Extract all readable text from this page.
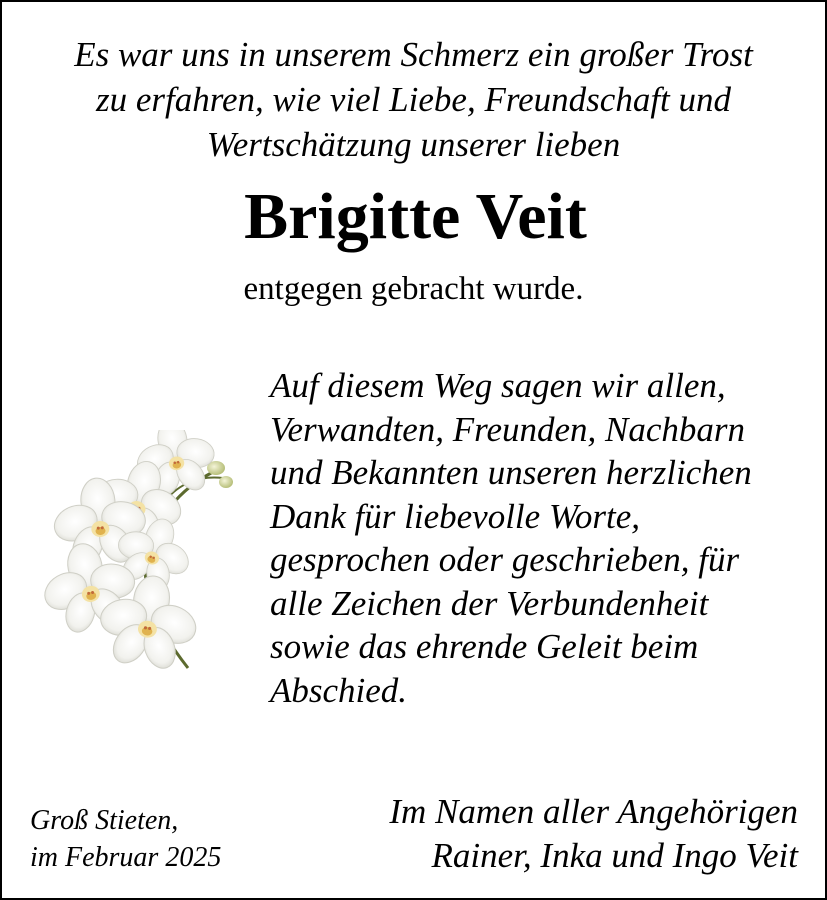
Es war uns in unserem Schmerz ein großer Trost
zu erfahren, wie viel Liebe, Freundschaft und
Wertschätzung unserer lieben

Brigitte Veit

entgegen gebracht wurde.

Auf diesem Weg sagen wir allen,
Verwandten, Freunden, Nachbarn
und Bekannten unseren herzlichen
Dank für liebevolle Worte,
gesprochen oder geschrieben, für
alle Zeichen der Verbundenheit
sowie das ehrende Geleit beim
Abschied.

Groß Stieten,
im Februar 2025

Im Namen aller Angehörigen
Rainer, Inka und Ingo Veit
